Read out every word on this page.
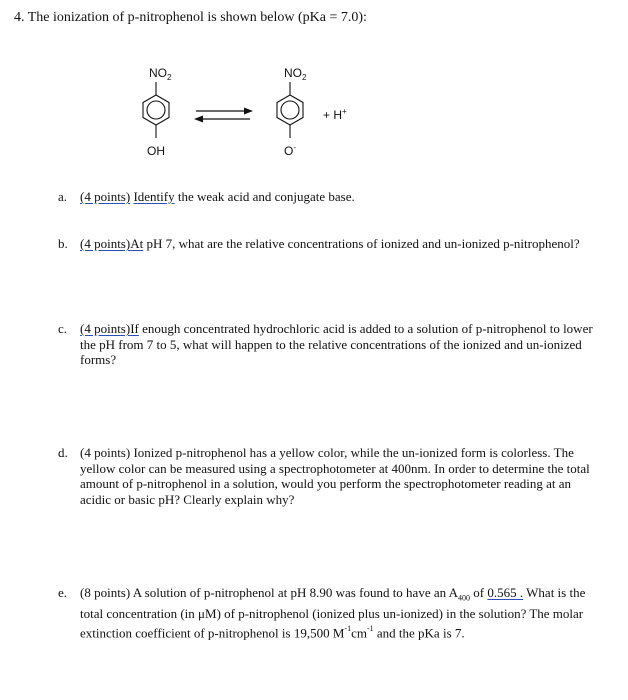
4. The ionization of p-nitrophenol is shown below (pKa = 7.0):
$NO_2$
OH
$NO_2$
O-
+ H+
a. (4 points) Identify the weak acid and conjugate base.
b. (4 points)At pH 7, what are the relative concentrations of ionized and un-ionized p-nitrophenol?
c. (4 points)If enough concentrated hydrochloric acid is added to a solution of p-nitrophenol to lower the pH from 7 to 5, what will happen to the relative concentrations of the ionized and un-ionized forms?
d. (4 points) Ionized p-nitrophenol has a yellow color, while the un-ionized form is colorless. The yellow color can be measured using a spectrophotometer at 400nm. In order to determine the total amount of p-nitrophenol in a solution, would you perform the spectrophotometer reading at an acidic or basic pH? Clearly explain why?
e. (8 points) A solution of p-nitrophenol at pH 8.90 was found to have an $A_{400}$ of 0.565 . What is the total concentration (in μM) of p-nitrophenol (ionized plus un-ionized) in the solution? The molar extinction coefficient of p-nitrophenol is 19,500 $M^{-1}cm^{-1}$ and the pKa is 7.
